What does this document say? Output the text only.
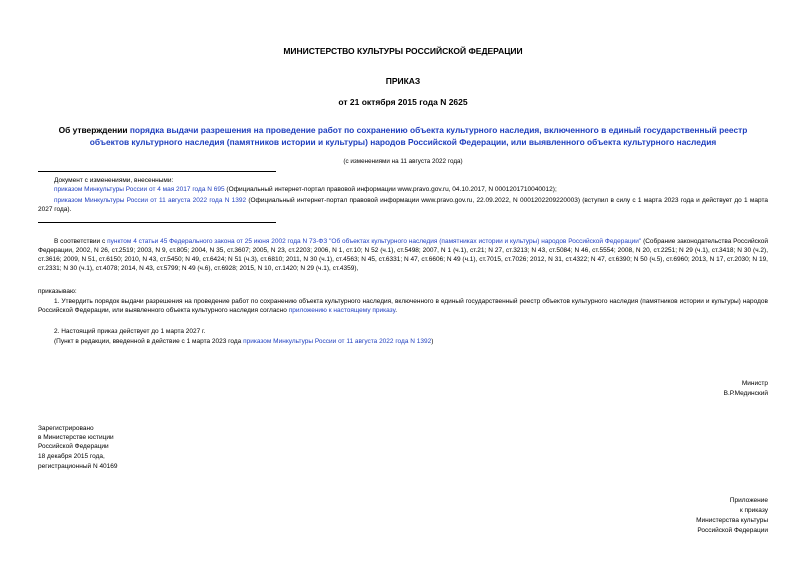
МИНИСТЕРСТВО КУЛЬТУРЫ РОССИЙСКОЙ ФЕДЕРАЦИИ
ПРИКАЗ
от 21 октября 2015 года N 2625
Об утверждении порядка выдачи разрешения на проведение работ по сохранению объекта культурного наследия, включенного в единый государственный реестр объектов культурного наследия (памятников истории и культуры) народов Российской Федерации, или выявленного объекта культурного наследия
(с изменениями на 11 августа 2022 года)
Документ с изменениями, внесенными:
приказом Минкультуры России от 4 мая 2017 года N 695 (Официальный интернет-портал правовой информации www.pravo.gov.ru, 04.10.2017, N 0001201710040012);
приказом Минкультуры России от 11 августа 2022 года N 1392 (Официальный интернет-портал правовой информации www.pravo.gov.ru, 22.09.2022, N 0001202209220003) (вступил в силу с 1 марта 2023 года и действует до 1 марта 2027 года).
В соответствии с пунктом 4 статьи 45 Федерального закона от 25 июня 2002 года N 73-ФЗ "Об объектах культурного наследия (памятниках истории и культуры) народов Российской Федерации" (Собрание законодательства Российской Федерации, 2002, N 26, ст.2519; 2003, N 9, ст.805; 2004, N 35, ст.3607; 2005, N 23, ст.2203; 2006, N 1, ст.10; N 52 (ч.1), ст.5498; 2007, N 1 (ч.1), ст.21; N 27, ст.3213; N 43, ст.5084; N 46, ст.5554; 2008, N 20, ст.2251; N 29 (ч.1), ст.3418; N 30 (ч.2), ст.3616; 2009, N 51, ст.6150; 2010, N 43, ст.5450; N 49, ст.6424; N 51 (ч.3), ст.6810; 2011, N 30 (ч.1), ст.4563; N 45, ст.6331; N 47, ст.6606; N 49 (ч.1), ст.7015, ст.7026; 2012, N 31, ст.4322; N 47, ст.6390; N 50 (ч.5), ст.6960; 2013, N 17, ст.2030; N 19, ст.2331; N 30 (ч.1), ст.4078; 2014, N 43, ст.5799; N 49 (ч.6), ст.6928; 2015, N 10, ст.1420; N 29 (ч.1), ст.4359),
приказываю:
1. Утвердить порядок выдачи разрешения на проведение работ по сохранению объекта культурного наследия, включенного в единый государственный реестр объектов культурного наследия (памятников истории и культуры) народов Российской Федерации, или выявленного объекта культурного наследия согласно приложению к настоящему приказу.
2. Настоящий приказ действует до 1 марта 2027 г.
(Пункт в редакции, введенной в действие с 1 марта 2023 года приказом Минкультуры России от 11 августа 2022 года N 1392)
Министр
В.Р.Мединский
Зарегистрировано
в Министерстве юстиции
Российской Федерации
18 декабря 2015 года,
регистрационный N 40169
Приложение
к приказу
Министерства культуры
Российской Федерации
